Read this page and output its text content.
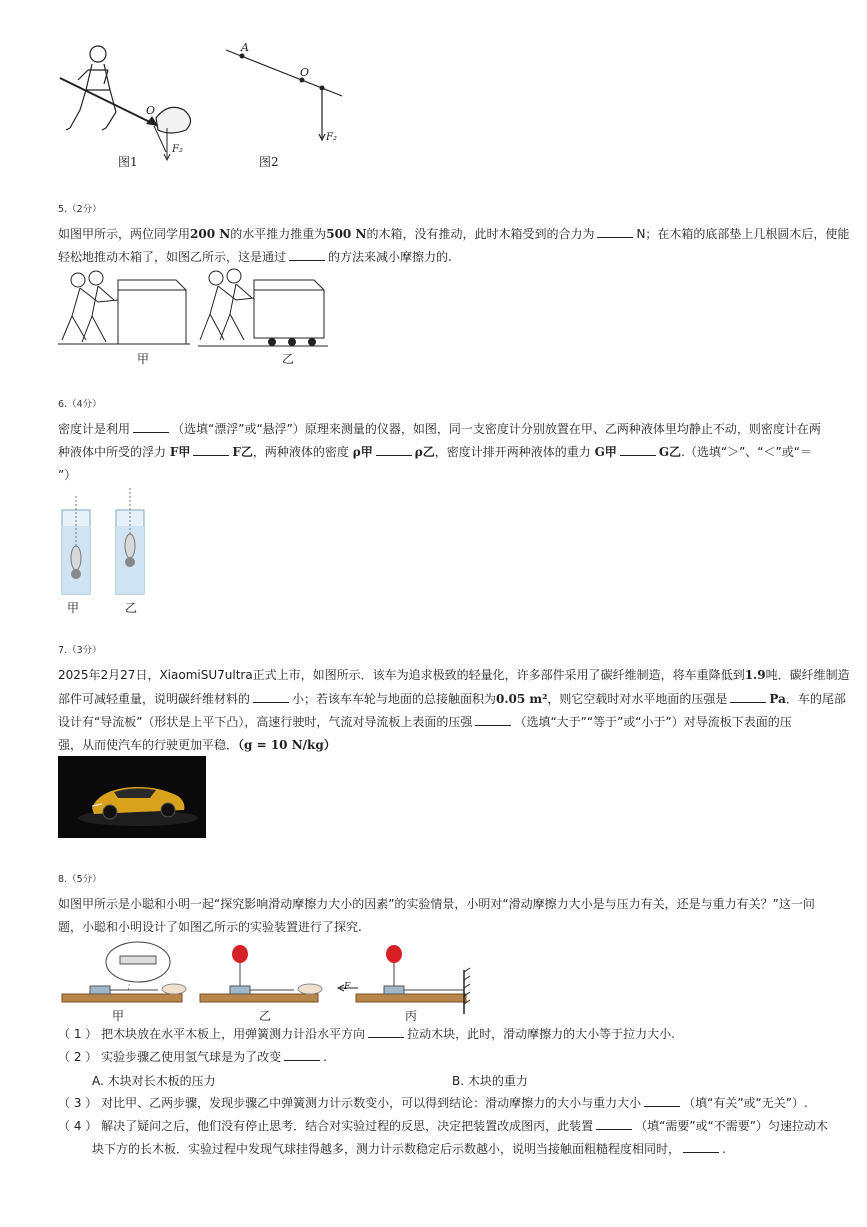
O
F₂
图1
A
O
F₂
图2
5.（2分）
如图甲所示，两位同学用200 N的水平推力推重为500 N的木箱，没有推动，此时木箱受到的合力为	N；在木箱的底部垫上几根圆木后，使能
轻松地推动木箱了，如图乙所示，这是通过	的方法来减小摩擦力的.
甲	乙
6.（4分）
密度计是利用	（选填“漂浮”或“悬浮”）原理来测量的仪器，如图，同一支密度计分别放置在甲、乙两种液体里均静止不动，则密度计在两
种液体中所受的浮力 F甲	F乙，两种液体的密度 ρ甲	ρ乙，密度计排开两种液体的重力 G甲	G乙.（选填“＞”、“＜”或“＝
”）
甲	乙
7.（3分）
2025年2月27日，XiaomiSU7ultra正式上市，如图所示．该车为追求极致的轻量化，许多部件采用了碳纤维制造，将车重降低到1.9吨．碳纤维制造
部件可减轻重量，说明碳纤维材料的	小；若该车车轮与地面的总接触面积为0.05 m²，则它空载时对水平地面的压强是	Pa．车的尾部
设计有“导流板”（形状是上平下凸），高速行驶时，气流对导流板上表面的压强	（选填“大于”“等于”或“小于”）对导流板下表面的压
强，从而使汽车的行驶更加平稳．（g = 10 N/kg）
8.（5分）
如图甲所示是小聪和小明一起“探究影响滑动摩擦力大小的因素”的实验情景，小明对“滑动摩擦力大小是与压力有关，还是与重力有关？”这一问
题，小聪和小明设计了如图乙所示的实验装置进行了探究.
F
甲	乙	丙
（ 1 ） 把木块放在水平木板上，用弹簧测力计沿水平方向	拉动木块，此时，滑动摩擦力的大小等于拉力大小.
（ 2 ） 实验步骤乙使用氢气球是为了改变	.
A. 木块对长木板的压力	B. 木块的重力
（ 3 ） 对比甲、乙两步骤，发现步骤乙中弹簧测力计示数变小，可以得到结论：滑动摩擦力的大小与重力大小	（填“有关”或“无关”）.
（ 4 ） 解决了疑问之后，他们没有停止思考．结合对实验过程的反思，决定把装置改成图丙，此装置	（填“需要”或“不需要”）匀速拉动木
块下方的长木板．实验过程中发现气球挂得越多，测力计示数稳定后示数越小，说明当接触面粗糙程度相同时，	.
